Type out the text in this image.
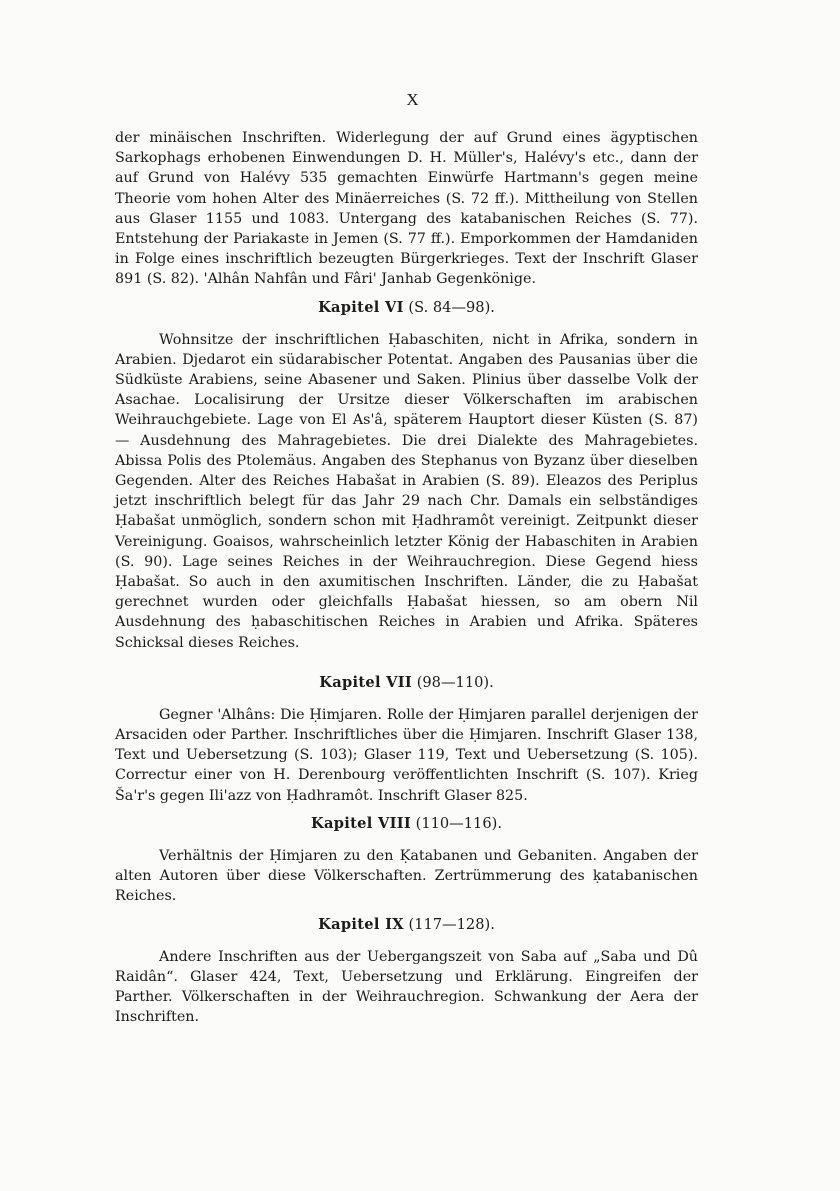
X

der minäischen Inschriften. Widerlegung der auf Grund eines ägyptischen Sarkophags erhobenen Einwendungen D. H. Müller's, Halévy's etc., dann der auf Grund von Halévy 535 gemachten Einwürfe Hartmann's gegen meine Theorie vom hohen Alter des Minäerreiches (S. 72 ff.). Mittheilung von Stellen aus Glaser 1155 und 1083. Untergang des katabanischen Reiches (S. 77). Entstehung der Pariakaste in Jemen (S. 77 ff.). Emporkommen der Hamdaniden in Folge eines inschriftlich bezeugten Bürgerkrieges. Text der Inschrift Glaser 891 (S. 82). 'Alhân Nahfân und Fâri' Janhab Gegenkönige.

Kapitel VI (S. 84—98).

Wohnsitze der inschriftlichen Ḥabaschiten, nicht in Afrika, sondern in Arabien. Djedarot ein südarabischer Potentat. Angaben des Pausanias über die Südküste Arabiens, seine Abasener und Saken. Plinius über dasselbe Volk der Asachae. Localisirung der Ursitze dieser Völkerschaften im arabischen Weihrauchgebiete. Lage von El As'â, späterem Hauptort dieser Küsten (S. 87) — Ausdehnung des Mahragebietes. Die drei Dialekte des Mahragebietes. Abissa Polis des Ptolemäus. Angaben des Stephanus von Byzanz über dieselben Gegenden. Alter des Reiches Habašat in Arabien (S. 89). Eleazos des Periplus jetzt inschriftlich belegt für das Jahr 29 nach Chr. Damals ein selbständiges Ḥabašat unmöglich, sondern schon mit Ḥadhramôt vereinigt. Zeitpunkt dieser Vereinigung. Goaisos, wahrscheinlich letzter König der Habaschiten in Arabien (S. 90). Lage seines Reiches in der Weihrauchregion. Diese Gegend hiess Ḥabašat. So auch in den axumitischen Inschriften. Länder, die zu Ḥabašat gerechnet wurden oder gleichfalls Ḥabašat hiessen, so am obern Nil Ausdehnung des ḥabaschitischen Reiches in Arabien und Afrika. Späteres Schicksal dieses Reiches.

Kapitel VII (98—110).

Gegner 'Alhâns: Die Ḥimjaren. Rolle der Ḥimjaren parallel derjenigen der Arsaciden oder Parther. Inschriftliches über die Ḥimjaren. Inschrift Glaser 138, Text und Uebersetzung (S. 103); Glaser 119, Text und Uebersetzung (S. 105). Correctur einer von H. Derenbourg veröffentlichten Inschrift (S. 107). Krieg Ša'r's gegen Ili'azz von Ḥadhramôt. Inschrift Glaser 825.

Kapitel VIII (110—116).

Verhältnis der Ḥimjaren zu den Ḳatabanen und Gebaniten. Angaben der alten Autoren über diese Völkerschaften. Zertrümmerung des ḳatabanischen Reiches.

Kapitel IX (117—128).

Andere Inschriften aus der Uebergangszeit von Saba auf „Saba und Dû Raidân“. Glaser 424, Text, Uebersetzung und Erklärung. Eingreifen der Parther. Völkerschaften in der Weihrauchregion. Schwankung der Aera der Inschriften.
